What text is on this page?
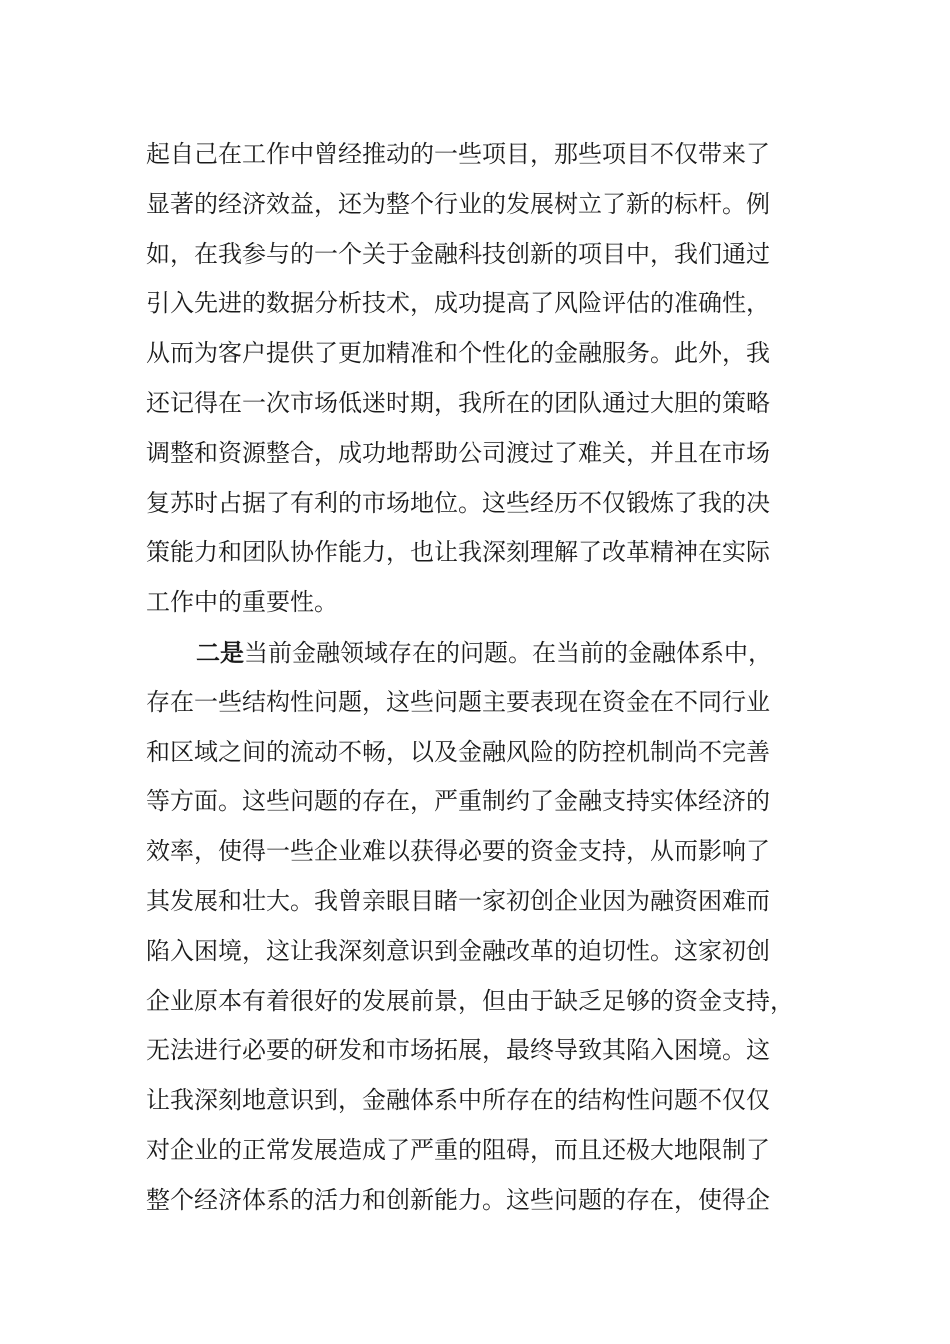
起自己在工作中曾经推动的一些项目，那些项目不仅带来了
显著的经济效益，还为整个行业的发展树立了新的标杆。例
如，在我参与的一个关于金融科技创新的项目中，我们通过
引入先进的数据分析技术，成功提高了风险评估的准确性，
从而为客户提供了更加精准和个性化的金融服务。此外，我
还记得在一次市场低迷时期，我所在的团队通过大胆的策略
调整和资源整合，成功地帮助公司渡过了难关，并且在市场
复苏时占据了有利的市场地位。这些经历不仅锻炼了我的决
策能力和团队协作能力，也让我深刻理解了改革精神在实际
工作中的重要性。
二是当前金融领域存在的问题。在当前的金融体系中，
存在一些结构性问题，这些问题主要表现在资金在不同行业
和区域之间的流动不畅，以及金融风险的防控机制尚不完善
等方面。这些问题的存在，严重制约了金融支持实体经济的
效率，使得一些企业难以获得必要的资金支持，从而影响了
其发展和壮大。我曾亲眼目睹一家初创企业因为融资困难而
陷入困境，这让我深刻意识到金融改革的迫切性。这家初创
企业原本有着很好的发展前景，但由于缺乏足够的资金支持，
无法进行必要的研发和市场拓展，最终导致其陷入困境。这
让我深刻地意识到，金融体系中所存在的结构性问题不仅仅
对企业的正常发展造成了严重的阻碍，而且还极大地限制了
整个经济体系的活力和创新能力。这些问题的存在，使得企
